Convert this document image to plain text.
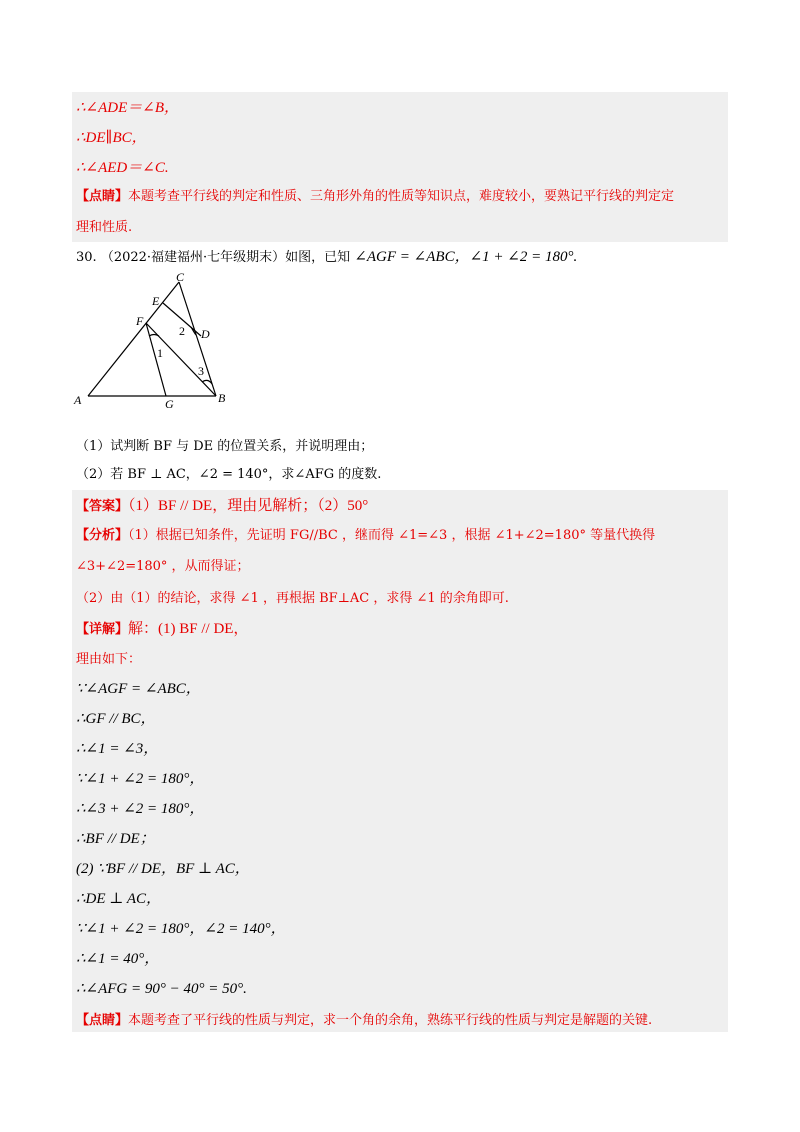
∴∠ADE＝∠B，
∴DE∥BC，
∴∠AED＝∠C.
【点睛】本题考查平行线的判定和性质、三角形外角的性质等知识点，难度较小，要熟记平行线的判定定
理和性质.
30. （2022·福建福州·七年级期末）如图，已知 ∠AGF = ∠ABC，∠1 + ∠2 = 180°.
C
E
F
D
2
1
3
A	G	B
（1）试判断 BF 与 DE 的位置关系，并说明理由；
（2）若 BF ⊥ AC，∠2 = 140°，求∠AFG 的度数.
【答案】（1）BF // DE，理由见解析；（2）50°
【分析】（1）根据已知条件，先证明 FG//BC ，继而得 ∠1=∠3 ，根据 ∠1+∠2=180° 等量代换得
∠3+∠2=180° ，从而得证；
（2）由（1）的结论，求得 ∠1 ，再根据 BF⊥AC ，求得 ∠1 的余角即可.
【详解】解：(1) BF // DE，
理由如下：
∵∠AGF = ∠ABC，
∴GF // BC，
∴∠1 = ∠3，
∵∠1 + ∠2 = 180°，
∴∠3 + ∠2 = 180°，
∴BF // DE；
(2) ∵BF // DE，BF ⊥ AC，
∴DE ⊥ AC，
∵∠1 + ∠2 = 180°，∠2 = 140°，
∴∠1 = 40°，
∴∠AFG = 90° − 40° = 50°.
【点睛】本题考查了平行线的性质与判定，求一个角的余角，熟练平行线的性质与判定是解题的关键.
